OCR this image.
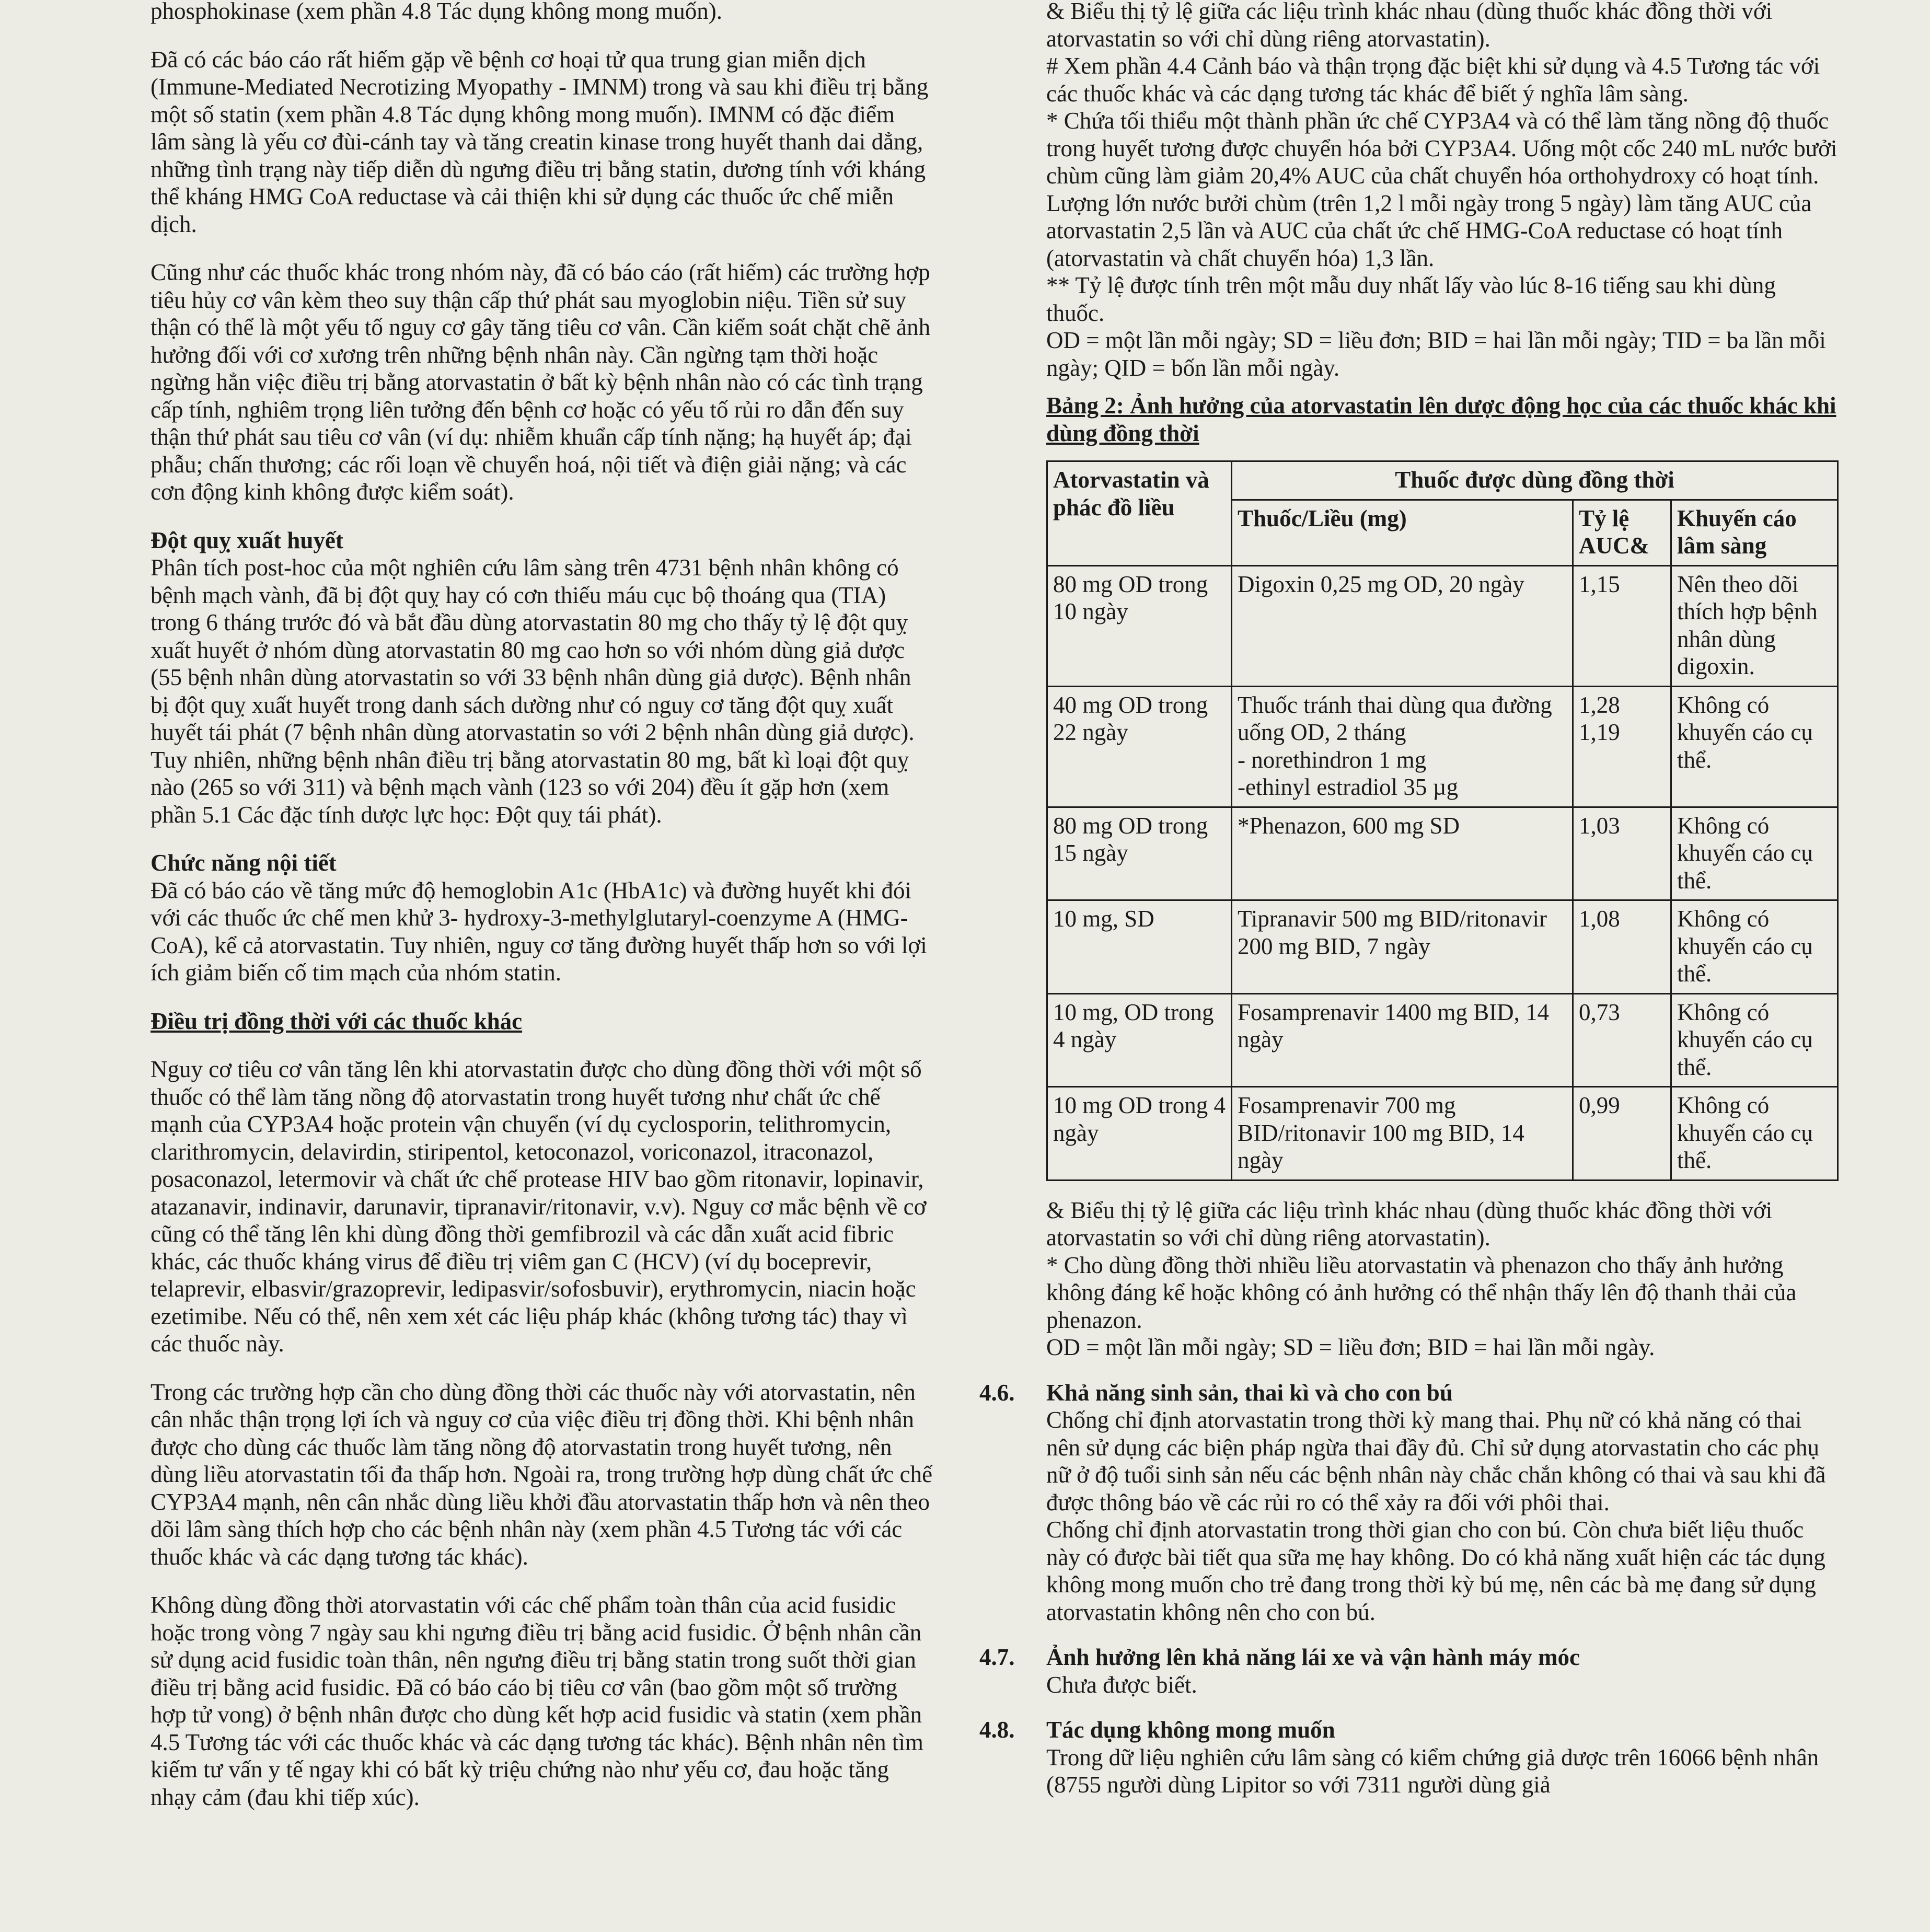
phosphokinase (xem phần 4.8 Tác dụng không mong muốn).

Đã có các báo cáo rất hiếm gặp về bệnh cơ hoại tử qua trung gian miễn dịch (Immune-Mediated Necrotizing Myopathy - IMNM) trong và sau khi điều trị bằng một số statin (xem phần 4.8 Tác dụng không mong muốn). IMNM có đặc điểm lâm sàng là yếu cơ đùi-cánh tay và tăng creatin kinase trong huyết thanh dai dẳng, những tình trạng này tiếp diễn dù ngưng điều trị bằng statin, dương tính với kháng thể kháng HMG CoA reductase và cải thiện khi sử dụng các thuốc ức chế miễn dịch.

Cũng như các thuốc khác trong nhóm này, đã có báo cáo (rất hiếm) các trường hợp tiêu hủy cơ vân kèm theo suy thận cấp thứ phát sau myoglobin niệu. Tiền sử suy thận có thể là một yếu tố nguy cơ gây tăng tiêu cơ vân. Cần kiểm soát chặt chẽ ảnh hưởng đối với cơ xương trên những bệnh nhân này. Cần ngừng tạm thời hoặc ngừng hẳn việc điều trị bằng atorvastatin ở bất kỳ bệnh nhân nào có các tình trạng cấp tính, nghiêm trọng liên tưởng đến bệnh cơ hoặc có yếu tố rủi ro dẫn đến suy thận thứ phát sau tiêu cơ vân (ví dụ: nhiễm khuẩn cấp tính nặng; hạ huyết áp; đại phẫu; chấn thương; các rối loạn về chuyển hoá, nội tiết và điện giải nặng; và các cơn động kinh không được kiểm soát).

Đột quỵ xuất huyết

Phân tích post-hoc của một nghiên cứu lâm sàng trên 4731 bệnh nhân không có bệnh mạch vành, đã bị đột quỵ hay có cơn thiếu máu cục bộ thoáng qua (TIA) trong 6 tháng trước đó và bắt đầu dùng atorvastatin 80 mg cho thấy tỷ lệ đột quỵ xuất huyết ở nhóm dùng atorvastatin 80 mg cao hơn so với nhóm dùng giả dược (55 bệnh nhân dùng atorvastatin so với 33 bệnh nhân dùng giả dược). Bệnh nhân bị đột quỵ xuất huyết trong danh sách dường như có nguy cơ tăng đột quỵ xuất huyết tái phát (7 bệnh nhân dùng atorvastatin so với 2 bệnh nhân dùng giả dược). Tuy nhiên, những bệnh nhân điều trị bằng atorvastatin 80 mg, bất kì loại đột quỵ nào (265 so với 311) và bệnh mạch vành (123 so với 204) đều ít gặp hơn (xem phần 5.1 Các đặc tính dược lực học: Đột quỵ tái phát).

Chức năng nội tiết

Đã có báo cáo về tăng mức độ hemoglobin A1c (HbA1c) và đường huyết khi đói với các thuốc ức chế men khử 3- hydroxy-3-methylglutaryl-coenzyme A (HMG-CoA), kể cả atorvastatin. Tuy nhiên, nguy cơ tăng đường huyết thấp hơn so với lợi ích giảm biến cố tim mạch của nhóm statin.

Điều trị đồng thời với các thuốc khác

Nguy cơ tiêu cơ vân tăng lên khi atorvastatin được cho dùng đồng thời với một số thuốc có thể làm tăng nồng độ atorvastatin trong huyết tương như chất ức chế mạnh của CYP3A4 hoặc protein vận chuyển (ví dụ cyclosporin, telithromycin, clarithromycin, delavirdin, stiripentol, ketoconazol, voriconazol, itraconazol, posaconazol, letermovir và chất ức chế protease HIV bao gồm ritonavir, lopinavir, atazanavir, indinavir, darunavir, tipranavir/ritonavir, v.v). Nguy cơ mắc bệnh về cơ cũng có thể tăng lên khi dùng đồng thời gemfibrozil và các dẫn xuất acid fibric khác, các thuốc kháng virus để điều trị viêm gan C (HCV) (ví dụ boceprevir, telaprevir, elbasvir/grazoprevir, ledipasvir/sofosbuvir), erythromycin, niacin hoặc ezetimibe. Nếu có thể, nên xem xét các liệu pháp khác (không tương tác) thay vì các thuốc này.

Trong các trường hợp cần cho dùng đồng thời các thuốc này với atorvastatin, nên cân nhắc thận trọng lợi ích và nguy cơ của việc điều trị đồng thời. Khi bệnh nhân được cho dùng các thuốc làm tăng nồng độ atorvastatin trong huyết tương, nên dùng liều atorvastatin tối đa thấp hơn. Ngoài ra, trong trường hợp dùng chất ức chế CYP3A4 mạnh, nên cân nhắc dùng liều khởi đầu atorvastatin thấp hơn và nên theo dõi lâm sàng thích hợp cho các bệnh nhân này (xem phần 4.5 Tương tác với các thuốc khác và các dạng tương tác khác).

Không dùng đồng thời atorvastatin với các chế phẩm toàn thân của acid fusidic hoặc trong vòng 7 ngày sau khi ngưng điều trị bằng acid fusidic. Ở bệnh nhân cần sử dụng acid fusidic toàn thân, nên ngưng điều trị bằng statin trong suốt thời gian điều trị bằng acid fusidic. Đã có báo cáo bị tiêu cơ vân (bao gồm một số trường hợp tử vong) ở bệnh nhân được cho dùng kết hợp acid fusidic và statin (xem phần 4.5 Tương tác với các thuốc khác và các dạng tương tác khác). Bệnh nhân nên tìm kiếm tư vấn y tế ngay khi có bất kỳ triệu chứng nào như yếu cơ, đau hoặc tăng nhạy cảm (đau khi tiếp xúc).

& Biểu thị tỷ lệ giữa các liệu trình khác nhau (dùng thuốc khác đồng thời với atorvastatin so với chỉ dùng riêng atorvastatin).

# Xem phần 4.4 Cảnh báo và thận trọng đặc biệt khi sử dụng và 4.5 Tương tác với các thuốc khác và các dạng tương tác khác để biết ý nghĩa lâm sàng.

* Chứa tối thiểu một thành phần ức chế CYP3A4 và có thể làm tăng nồng độ thuốc trong huyết tương được chuyển hóa bởi CYP3A4. Uống một cốc 240 mL nước bưởi chùm cũng làm giảm 20,4% AUC của chất chuyển hóa orthohydroxy có hoạt tính. Lượng lớn nước bưởi chùm (trên 1,2 l mỗi ngày trong 5 ngày) làm tăng AUC của atorvastatin 2,5 lần và AUC của chất ức chế HMG-CoA reductase có hoạt tính (atorvastatin và chất chuyển hóa) 1,3 lần.

** Tỷ lệ được tính trên một mẫu duy nhất lấy vào lúc 8-16 tiếng sau khi dùng thuốc.

OD = một lần mỗi ngày; SD = liều đơn; BID = hai lần mỗi ngày; TID = ba lần mỗi ngày; QID = bốn lần mỗi ngày.

Bảng 2: Ảnh hưởng của atorvastatin lên dược động học của các thuốc khác khi dùng đồng thời

Atorvastatin và phác đồ liều	Thuốc được dùng đồng thời		
	Thuốc/Liều (mg)	Tỷ lệ AUC&	Khuyến cáo lâm sàng
80 mg OD trong 10 ngày	Digoxin 0,25 mg OD, 20 ngày	1,15	Nên theo dõi thích hợp bệnh nhân dùng digoxin.
40 mg OD trong 22 ngày	Thuốc tránh thai dùng qua đường uống OD, 2 tháng
- norethindron 1 mg
-ethinyl estradiol 35 µg	1,28
1,19	Không có khuyến cáo cụ thể.
80 mg OD trong 15 ngày	*Phenazon, 600 mg SD	1,03	Không có khuyến cáo cụ thể.
10 mg, SD	Tipranavir 500 mg BID/ritonavir 200 mg BID, 7 ngày	1,08	Không có khuyến cáo cụ thể.
10 mg, OD trong 4 ngày	Fosamprenavir 1400 mg BID, 14 ngày	0,73	Không có khuyến cáo cụ thể.
10 mg OD trong 4 ngày	Fosamprenavir 700 mg BID/ritonavir 100 mg BID, 14 ngày	0,99	Không có khuyến cáo cụ thể.

& Biểu thị tỷ lệ giữa các liệu trình khác nhau (dùng thuốc khác đồng thời với atorvastatin so với chỉ dùng riêng atorvastatin).

* Cho dùng đồng thời nhiều liều atorvastatin và phenazon cho thấy ảnh hưởng không đáng kể hoặc không có ảnh hưởng có thể nhận thấy lên độ thanh thải của phenazon.

OD = một lần mỗi ngày; SD = liều đơn; BID = hai lần mỗi ngày.

4.6. Khả năng sinh sản, thai kì và cho con bú

Chống chỉ định atorvastatin trong thời kỳ mang thai. Phụ nữ có khả năng có thai nên sử dụng các biện pháp ngừa thai đầy đủ. Chỉ sử dụng atorvastatin cho các phụ nữ ở độ tuổi sinh sản nếu các bệnh nhân này chắc chắn không có thai và sau khi đã được thông báo về các rủi ro có thể xảy ra đối với phôi thai.

Chống chỉ định atorvastatin trong thời gian cho con bú. Còn chưa biết liệu thuốc này có được bài tiết qua sữa mẹ hay không. Do có khả năng xuất hiện các tác dụng không mong muốn cho trẻ đang trong thời kỳ bú mẹ, nên các bà mẹ đang sử dụng atorvastatin không nên cho con bú.

4.7. Ảnh hưởng lên khả năng lái xe và vận hành máy móc

Chưa được biết.

4.8. Tác dụng không mong muốn

Trong dữ liệu nghiên cứu lâm sàng có kiểm chứng giả dược trên 16066 bệnh nhân (8755 người dùng Lipitor so với 7311 người dùng giả
